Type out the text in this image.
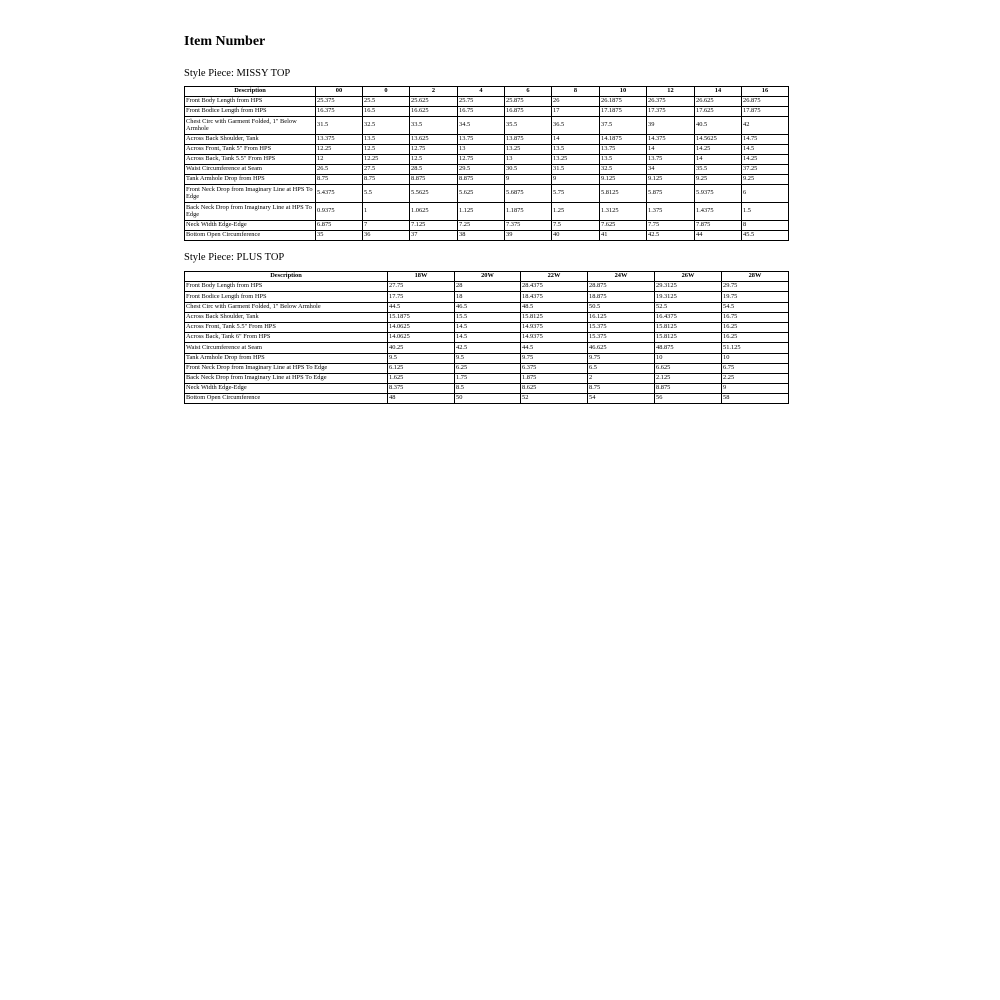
Item Number

Style Piece: MISSY TOP

Description	00	0	2	4	6	8	10	12	14	16
Front Body Length from HPS	25.375	25.5	25.625	25.75	25.875	26	26.1875	26.375	26.625	26.875
Front Bodice Length from HPS	16.375	16.5	16.625	16.75	16.875	17	17.1875	17.375	17.625	17.875
Chest Circ with Garment Folded, 1" Below Armhole	31.5	32.5	33.5	34.5	35.5	36.5	37.5	39	40.5	42
Across Back Shoulder, Tank	13.375	13.5	13.625	13.75	13.875	14	14.1875	14.375	14.5625	14.75
Across Front, Tank 5" From HPS	12.25	12.5	12.75	13	13.25	13.5	13.75	14	14.25	14.5
Across Back, Tank 5.5" From HPS	12	12.25	12.5	12.75	13	13.25	13.5	13.75	14	14.25
Waist Circumference at Seam	26.5	27.5	28.5	29.5	30.5	31.5	32.5	34	35.5	37.25
Tank Armhole Drop from HPS	8.75	8.75	8.875	8.875	9	9	9.125	9.125	9.25	9.25
Front Neck Drop from Imaginary Line at HPS To Edge	5.4375	5.5	5.5625	5.625	5.6875	5.75	5.8125	5.875	5.9375	6
Back Neck Drop from Imaginary Line at HPS To Edge	0.9375	1	1.0625	1.125	1.1875	1.25	1.3125	1.375	1.4375	1.5
Neck Width Edge-Edge	6.875	7	7.125	7.25	7.375	7.5	7.625	7.75	7.875	8
Bottom Open Circumference	35	36	37	38	39	40	41	42.5	44	45.5

Style Piece: PLUS TOP

Description	18W	20W	22W	24W	26W	28W
Front Body Length from HPS	27.75	28	28.4375	28.875	29.3125	29.75
Front Bodice Length from HPS	17.75	18	18.4375	18.875	19.3125	19.75
Chest Circ with Garment Folded, 1" Below Armhole	44.5	46.5	48.5	50.5	52.5	54.5
Across Back Shoulder, Tank	15.1875	15.5	15.8125	16.125	16.4375	16.75
Across Front, Tank 5.5" From HPS	14.0625	14.5	14.9375	15.375	15.8125	16.25
Across Back, Tank 6" From HPS	14.0625	14.5	14.9375	15.375	15.8125	16.25
Waist Circumference at Seam	40.25	42.5	44.5	46.625	48.875	51.125
Tank Armhole Drop from HPS	9.5	9.5	9.75	9.75	10	10
Front Neck Drop from Imaginary Line at HPS To Edge	6.125	6.25	6.375	6.5	6.625	6.75
Back Neck Drop from Imaginary Line at HPS To Edge	1.625	1.75	1.875	2	2.125	2.25
Neck Width Edge-Edge	8.375	8.5	8.625	8.75	8.875	9
Bottom Open Circumference	48	50	52	54	56	58
